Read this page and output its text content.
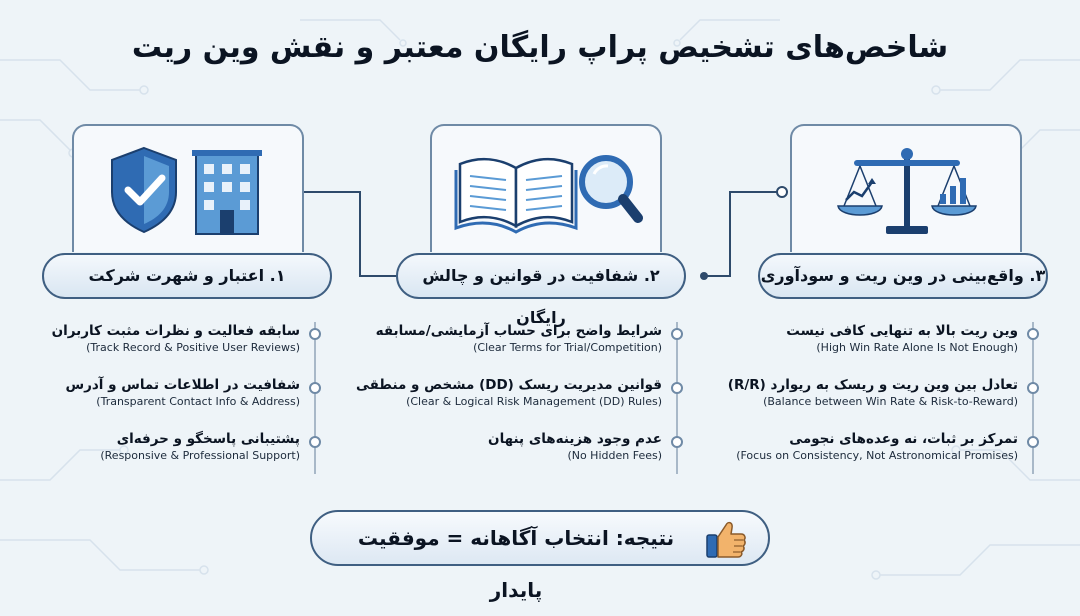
شاخص‌های تشخیص پراپ رایگان معتبر و نقش وین ریت
۱. اعتبار و شهرت شرکت	۲. شفافیت در قوانین و چالش رایگان
۳. واقع‌بینی در وین ریت و سودآوری
سابقه فعالیت و نظرات مثبت کاربران
(Track Record & Positive User Reviews)
شفافیت در اطلاعات تماس و آدرس
(Transparent Contact Info & Address)
پشتیبانی پاسخگو و حرفه‌ای
(Responsive & Professional Support)
شرایط واضح برای حساب آزمایشی/مسابقه
(Clear Terms for Trial/Competition)
قوانین مدیریت ریسک (DD) مشخص و منطقی
(Clear & Logical Risk Management (DD) Rules)
عدم وجود هزینه‌های پنهان
(No Hidden Fees)
وین ریت بالا به تنهایی کافی نیست
(High Win Rate Alone Is Not Enough)
تعادل بین وین ریت و ریسک به ریوارد (R/R)
(Balance between Win Rate & Risk-to-Reward)
تمرکز بر ثبات، نه وعده‌های نجومی
(Focus on Consistency, Not Astronomical Promises)
نتیجه: انتخاب آگاهانه = موفقیت پایدار
